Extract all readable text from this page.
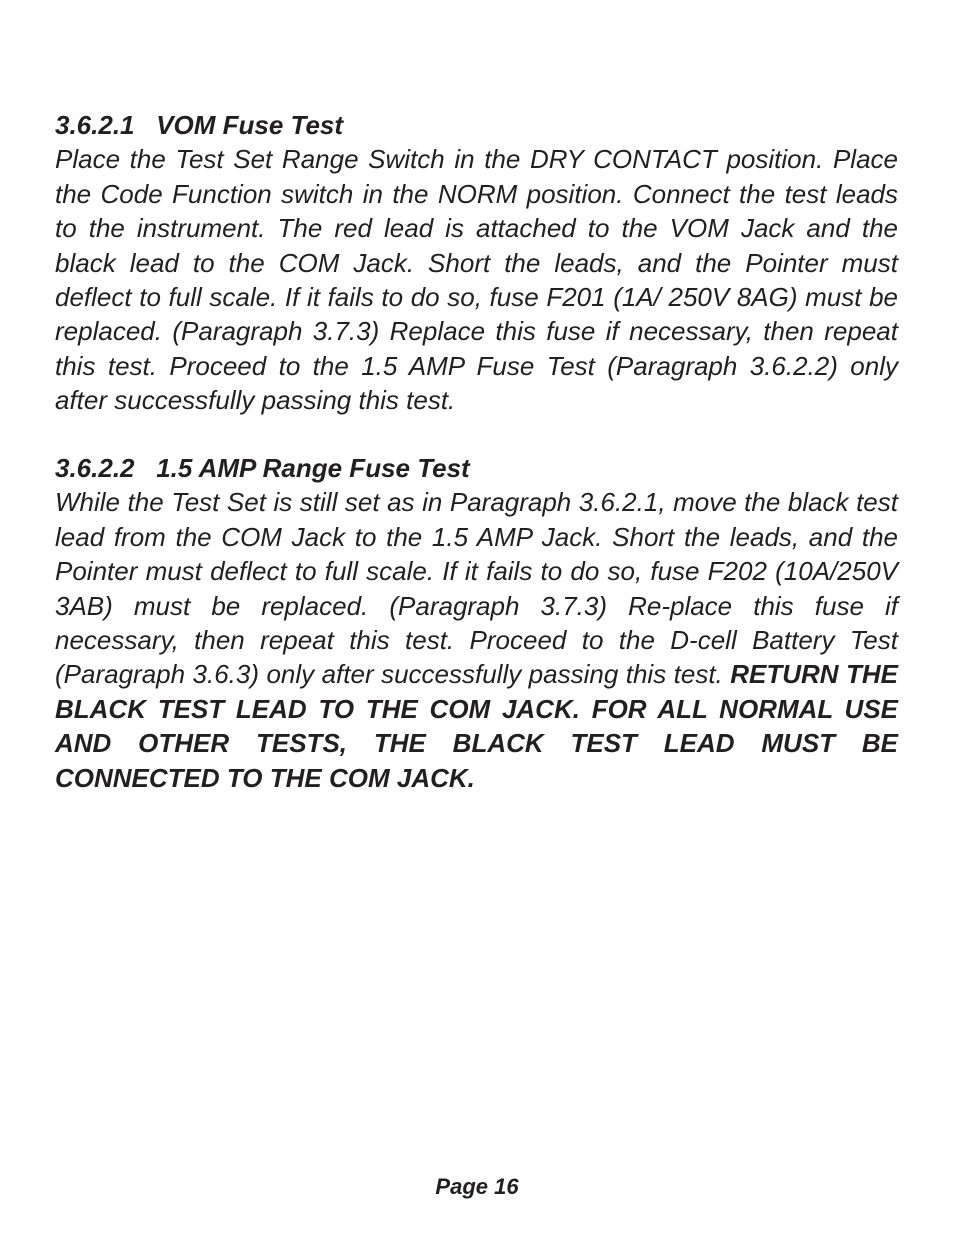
3.6.2.1 VOM Fuse Test

Place the Test Set Range Switch in the DRY CONTACT position. Place the Code Function switch in the NORM position. Connect the test leads to the instrument. The red lead is attached to the VOM Jack and the black lead to the COM Jack. Short the leads, and the Pointer must deflect to full scale. If it fails to do so, fuse F201 (1A/ 250V 8AG) must be replaced. (Paragraph 3.7.3) Replace this fuse if necessary, then repeat this test. Proceed to the 1.5 AMP Fuse Test (Paragraph 3.6.2.2) only after successfully passing this test.

3.6.2.2 1.5 AMP Range Fuse Test

While the Test Set is still set as in Paragraph 3.6.2.1, move the black test lead from the COM Jack to the 1.5 AMP Jack. Short the leads, and the Pointer must deflect to full scale. If it fails to do so, fuse F202 (10A/250V 3AB) must be replaced. (Paragraph 3.7.3) Re-place this fuse if necessary, then repeat this test. Proceed to the D-cell Battery Test (Paragraph 3.6.3) only after successfully passing this test. RETURN THE BLACK TEST LEAD TO THE COM JACK. FOR ALL NORMAL USE AND OTHER TESTS, THE BLACK TEST LEAD MUST BE CONNECTED TO THE COM JACK.

Page 16
